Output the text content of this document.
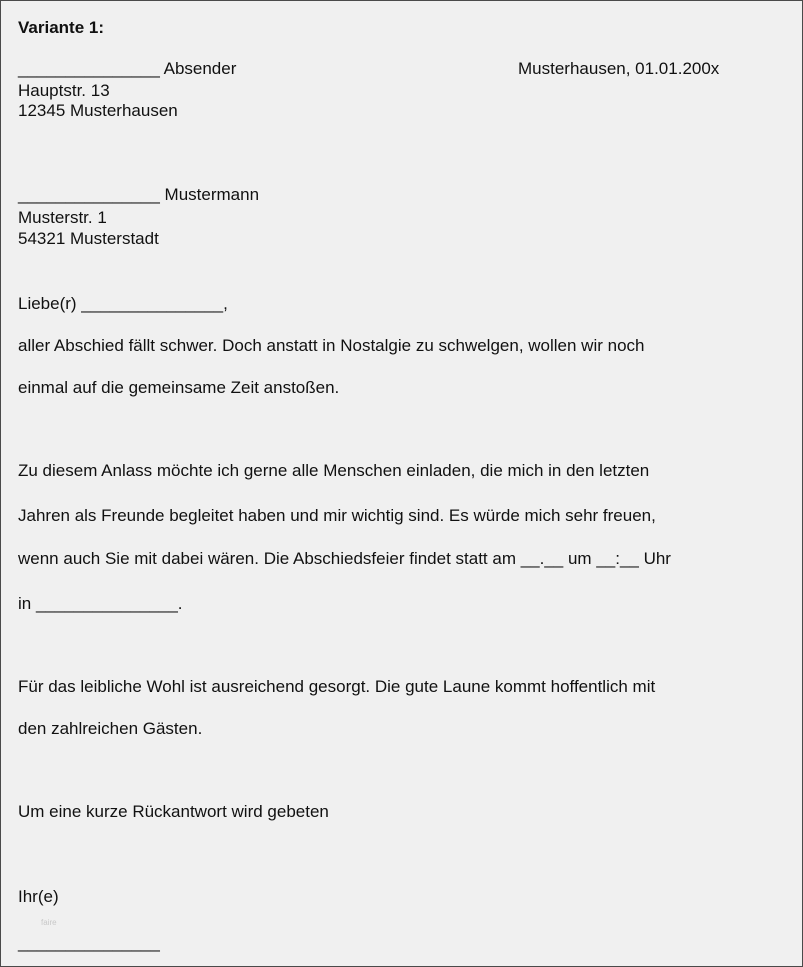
Variante 1:
_______________ Absender	Musterhausen, 01.01.200x
Hauptstr. 13
12345 Musterhausen
_______________ Mustermann
Musterstr. 1
54321 Musterstadt
Liebe(r) _______________,
aller Abschied fällt schwer. Doch anstatt in Nostalgie zu schwelgen, wollen wir noch
einmal auf die gemeinsame Zeit anstoßen.
Zu diesem Anlass möchte ich gerne alle Menschen einladen, die mich in den letzten
Jahren als Freunde begleitet haben und mir wichtig sind. Es würde mich sehr freuen,
wenn auch Sie mit dabei wären. Die Abschiedsfeier findet statt am __.__ um __:__ Uhr
in _______________.
Für das leibliche Wohl ist ausreichend gesorgt. Die gute Laune kommt hoffentlich mit
den zahlreichen Gästen.
Um eine kurze Rückantwort wird gebeten
Ihr(e)
faire
_______________
